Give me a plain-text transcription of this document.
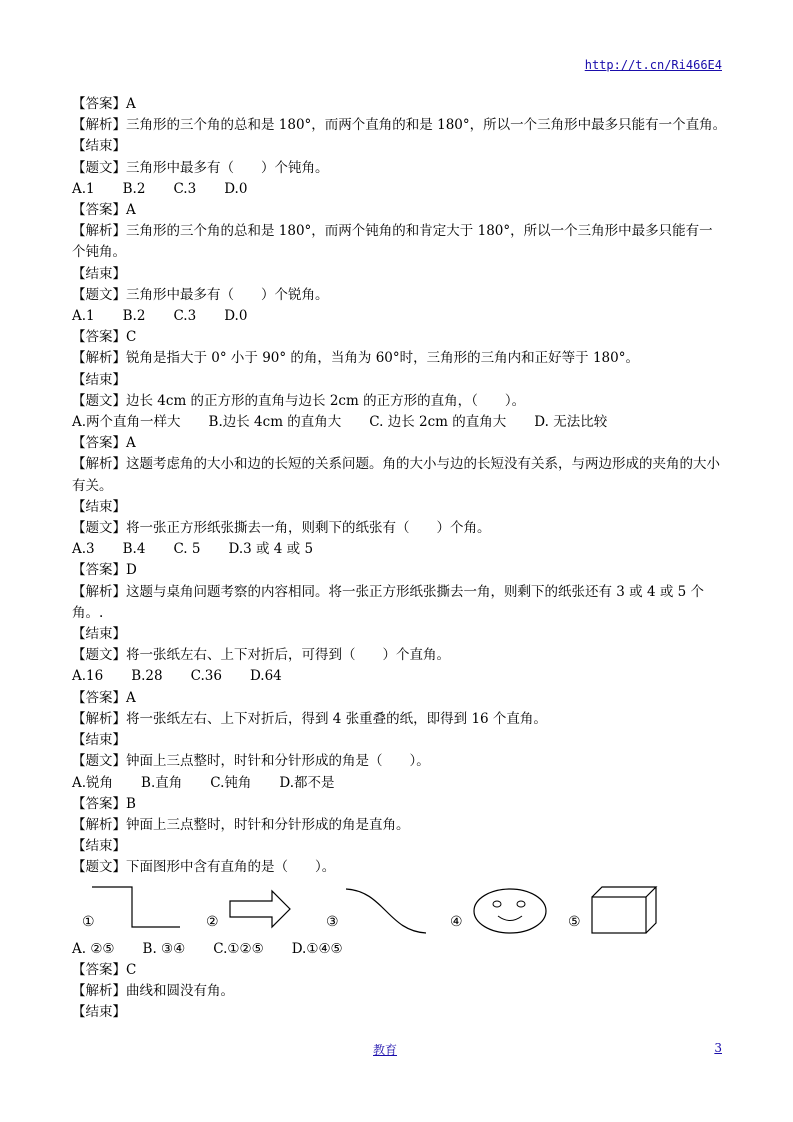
http://t.cn/Ri466E4
【答案】A
【解析】三角形的三个角的总和是 180°，而两个直角的和是 180°，所以一个三角形中最多只能有一个直角。
【结束】
【题文】三角形中最多有（　　）个钝角。
A.1 B.2 C.3 D.0
【答案】A
【解析】三角形的三个角的总和是 180°，而两个钝角的和肯定大于 180°，所以一个三角形中最多只能有一个钝角。
【结束】
【题文】三角形中最多有（　　）个锐角。
A.1 B.2 C.3 D.0
【答案】C
【解析】锐角是指大于 0° 小于 90° 的角，当角为 60°时，三角形的三角内和正好等于 180°。
【结束】
【题文】边长 4cm 的正方形的直角与边长 2cm 的正方形的直角，（　　）。
A.两个直角一样大 B.边长 4cm 的直角大 C. 边长 2cm 的直角大 D. 无法比较
【答案】A
【解析】这题考虑角的大小和边的长短的关系问题。角的大小与边的长短没有关系，与两边形成的夹角的大小有关。
【结束】
【题文】将一张正方形纸张撕去一角，则剩下的纸张有（　　）个角。
A.3 B.4 C. 5 D.3 或 4 或 5
【答案】D
【解析】这题与桌角问题考察的内容相同。将一张正方形纸张撕去一角，则剩下的纸张还有 3 或 4 或 5 个角。.
【结束】
【题文】将一张纸左右、上下对折后，可得到（　　）个直角。
A.16 B.28 C.36 D.64
【答案】A
【解析】将一张纸左右、上下对折后，得到 4 张重叠的纸，即得到 16 个直角。
【结束】
【题文】钟面上三点整时，时针和分针形成的角是（　　）。
A.锐角 B.直角 C.钝角 D.都不是
【答案】B
【解析】钟面上三点整时，时针和分针形成的角是直角。
【结束】
【题文】下面图形中含有直角的是（　　）。
①	②	③	④	⑤
A. ②⑤ B. ③④ C.①②⑤ D.①④⑤
【答案】C
【解析】曲线和圆没有角。
【结束】
教育	3
